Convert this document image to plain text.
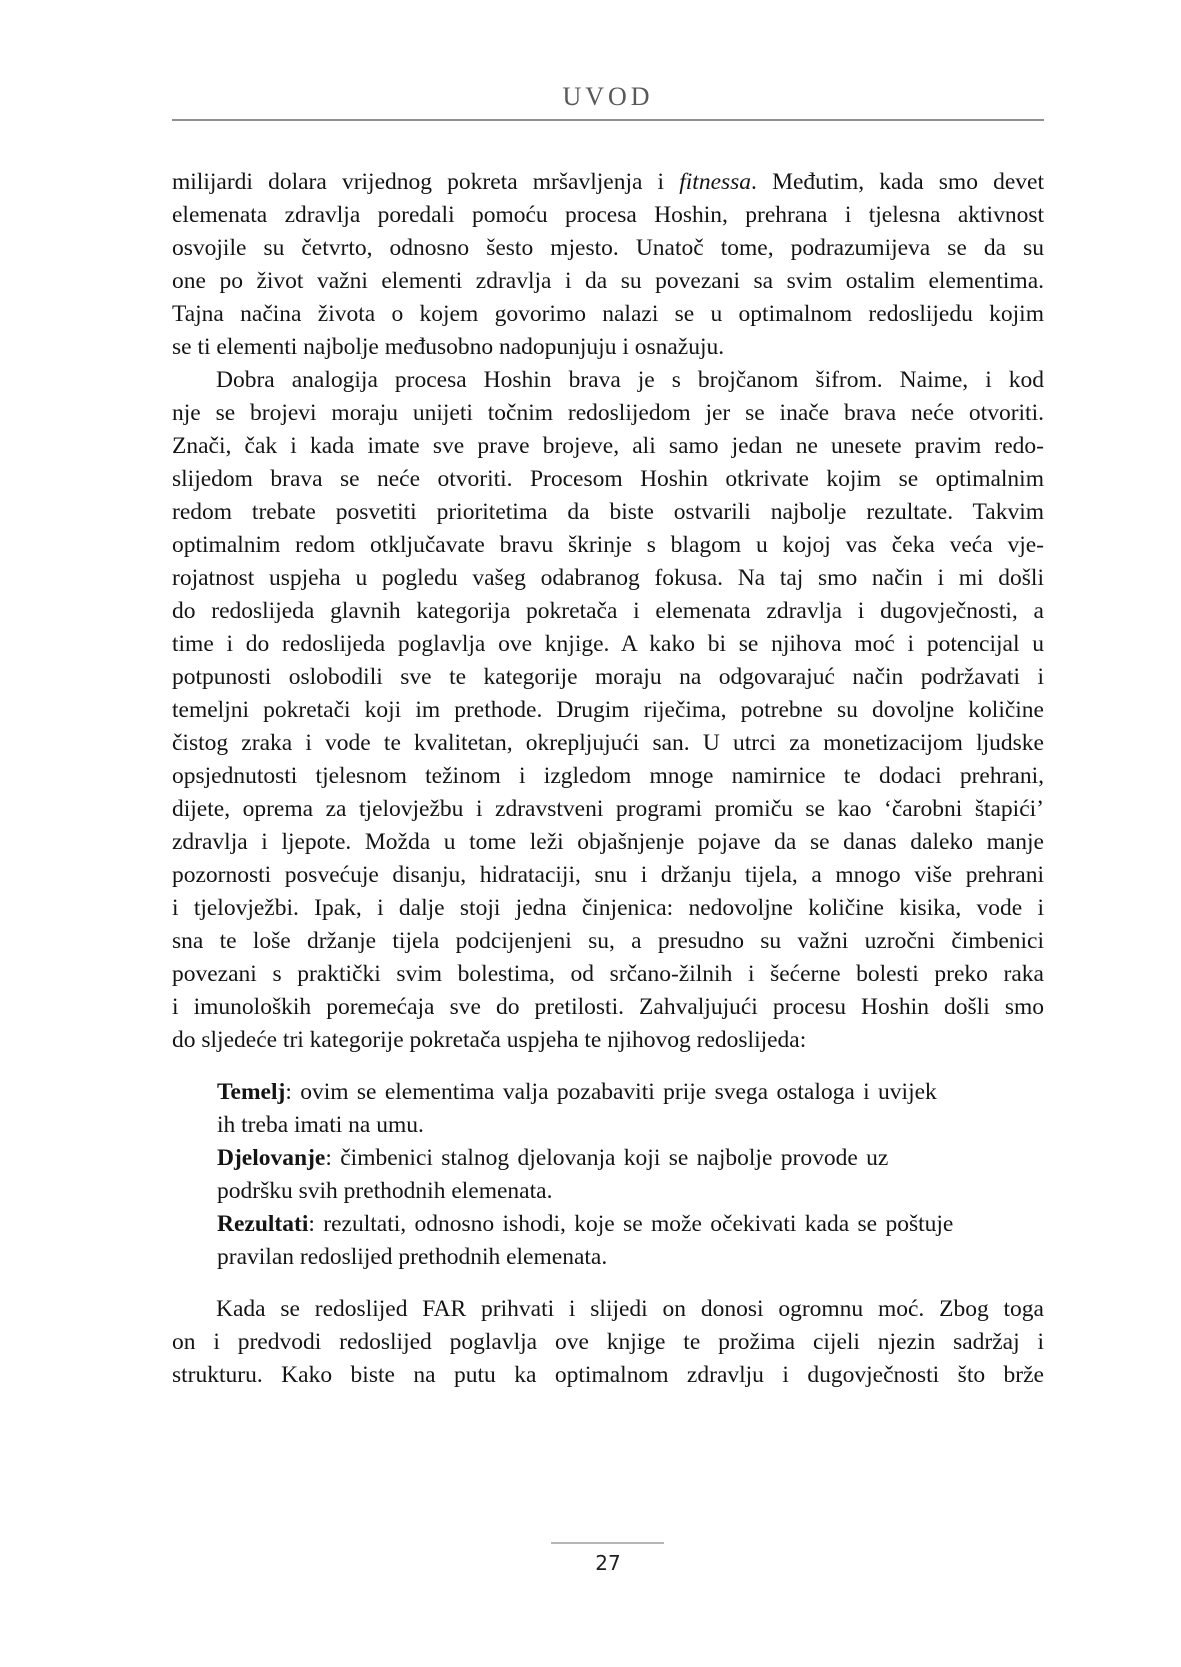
UVOD
milijardi dolara vrijednog pokreta mršavljenja i fitnessa. Međutim, kada smo devet
elemenata zdravlja poredali pomoću procesa Hoshin, prehrana i tjelesna aktivnost
osvojile su četvrto, odnosno šesto mjesto. Unatoč tome, podrazumijeva se da su
one po život važni elementi zdravlja i da su povezani sa svim ostalim elementima.
Tajna načina života o kojem govorimo nalazi se u optimalnom redoslijedu kojim
se ti elementi najbolje međusobno nadopunjuju i osnažuju.
Dobra analogija procesa Hoshin brava je s brojčanom šifrom. Naime, i kod
nje se brojevi moraju unijeti točnim redoslijedom jer se inače brava neće otvoriti.
Znači, čak i kada imate sve prave brojeve, ali samo jedan ne unesete pravim redo-
slijedom brava se neće otvoriti. Procesom Hoshin otkrivate kojim se optimalnim
redom trebate posvetiti prioritetima da biste ostvarili najbolje rezultate. Takvim
optimalnim redom otključavate bravu škrinje s blagom u kojoj vas čeka veća vje-
rojatnost uspjeha u pogledu vašeg odabranog fokusa. Na taj smo način i mi došli
do redoslijeda glavnih kategorija pokretača i elemenata zdravlja i dugovječnosti, a
time i do redoslijeda poglavlja ove knjige. A kako bi se njihova moć i potencijal u
potpunosti oslobodili sve te kategorije moraju na odgovarajuć način podržavati i
temeljni pokretači koji im prethode. Drugim riječima, potrebne su dovoljne količine
čistog zraka i vode te kvalitetan, okrepljujući san. U utrci za monetizacijom ljudske
opsjednutosti tjelesnom težinom i izgledom mnoge namirnice te dodaci prehrani,
dijete, oprema za tjelovježbu i zdravstveni programi promiču se kao ‘čarobni štapići’
zdravlja i ljepote. Možda u tome leži objašnjenje pojave da se danas daleko manje
pozornosti posvećuje disanju, hidrataciji, snu i držanju tijela, a mnogo više prehrani
i tjelovježbi. Ipak, i dalje stoji jedna činjenica: nedovoljne količine kisika, vode i
sna te loše držanje tijela podcijenjeni su, a presudno su važni uzročni čimbenici
povezani s praktički svim bolestima, od srčano-žilnih i šećerne bolesti preko raka
i imunoloških poremećaja sve do pretilosti. Zahvaljujući procesu Hoshin došli smo
do sljedeće tri kategorije pokretača uspjeha te njihovog redoslijeda:
Temelj: ovim se elementima valja pozabaviti prije svega ostaloga i uvijek
ih treba imati na umu.
Djelovanje: čimbenici stalnog djelovanja koji se najbolje provode uz
podršku svih prethodnih elemenata.
Rezultati: rezultati, odnosno ishodi, koje se može očekivati kada se poštuje
pravilan redoslijed prethodnih elemenata.
Kada se redoslijed FAR prihvati i slijedi on donosi ogromnu moć. Zbog toga
on i predvodi redoslijed poglavlja ove knjige te prožima cijeli njezin sadržaj i
strukturu. Kako biste na putu ka optimalnom zdravlju i dugovječnosti što brže
27
